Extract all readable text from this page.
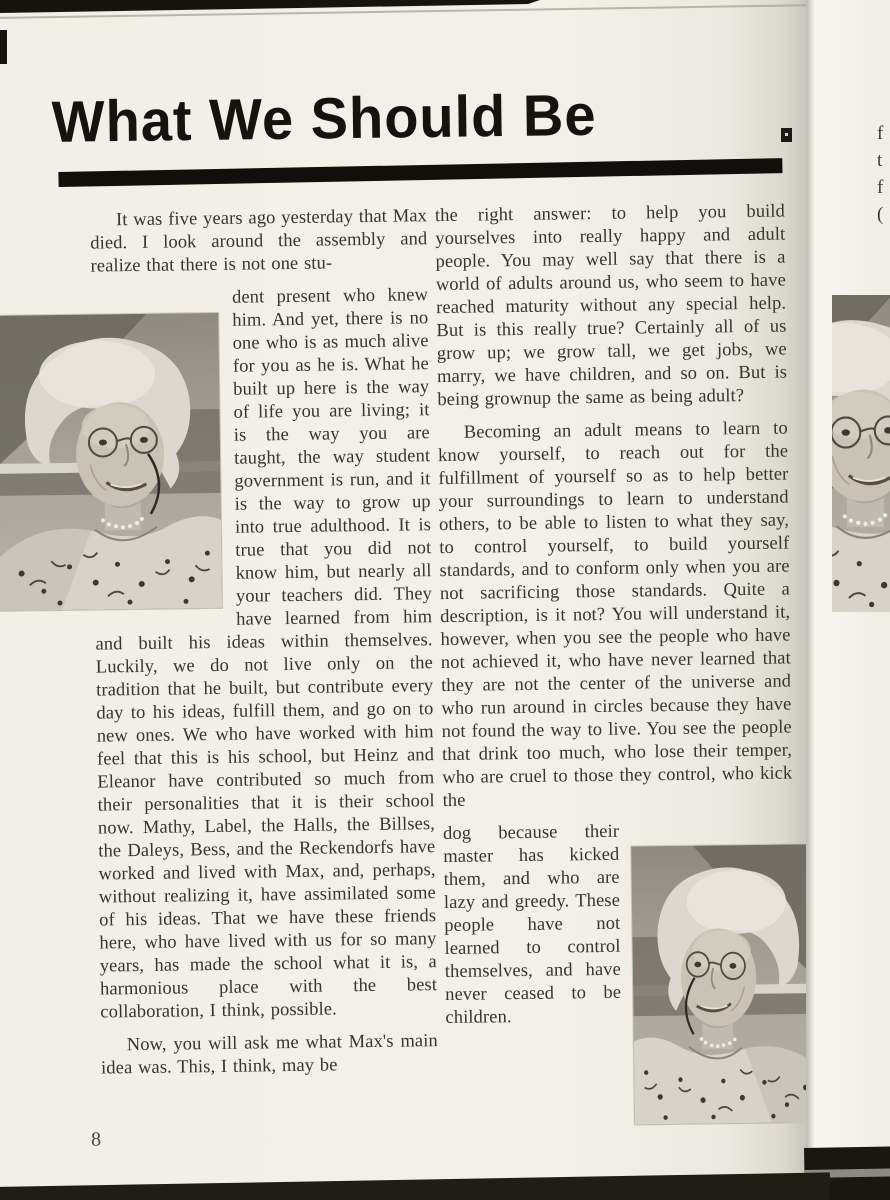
What We Should Be

It was five years ago yesterday that Max died. I look around the assembly and realize that there is not one stu-

dent present who knew him. And yet, there is no one who is as much alive for you as he is. What he built up here is the way of life you are living; it is the way you are taught, the way student government is run, and it is the way to grow up into true adulthood. It is true that you did not know him, but nearly all your teachers did. They have learned from him and built his ideas within themselves. Luckily, we do not live only on the tradition that he built, but contribute every day to his ideas, fulfill them, and go on to new ones. We who have worked with him feel that this is his school, but Heinz and Eleanor have contributed so much from their personalities that it is their school now. Mathy, Label, the Halls, the Billses, the Daleys, Bess, and the Reckendorfs have worked and lived with Max, and, perhaps, without realizing it, have assimilated some of his ideas. That we have these friends here, who have lived with us for so many years, has made the school what it is, a harmonious place with the best collaboration, I think, possible.

Now, you will ask me what Max's main idea was. This, I think, may be

the right answer: to help you build yourselves into really happy and adult people. You may well say that there is a world of adults around us, who seem to have reached maturity without any special help. But is this really true? Certainly all of us grow up; we grow tall, we get jobs, we marry, we have children, and so on. But is being grownup the same as being adult?

Becoming an adult means to learn to know yourself, to reach out for the fulfillment of yourself so as to help better your surroundings to learn to understand others, to be able to listen to what they say, to control yourself, to build yourself standards, and to conform only when you are not sacrificing those standards. Quite a description, is it not? You will understand it, however, when you see the people who have not achieved it, who have never learned that they are not the center of the universe and who run around in circles because they have not found the way to live. You see the people that drink too much, who lose their temper, who are cruel to those they control, who kick the

dog because their master has kicked them, and who are lazy and greedy. These people have not learned to control themselves, and have never ceased to be children.

8
f
t
f
(
